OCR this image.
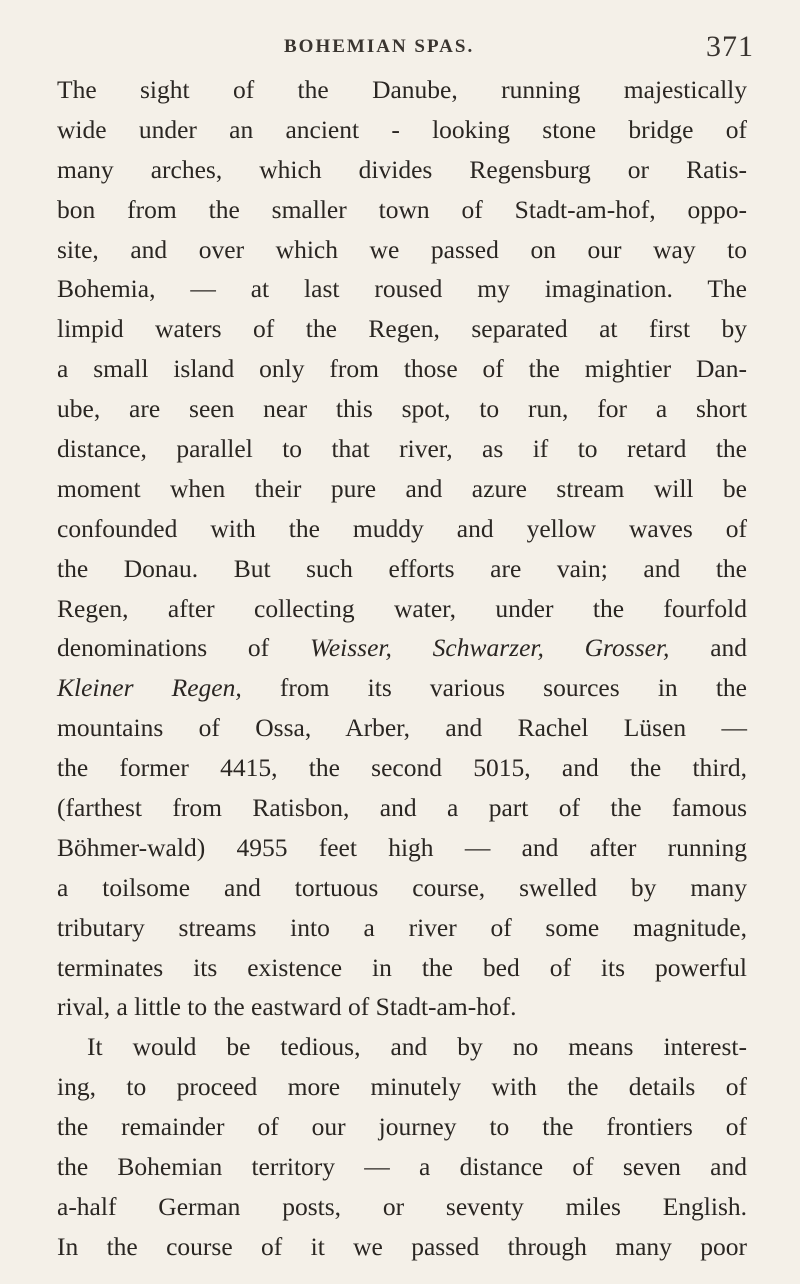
BOHEMIAN SPAS.	371
The sight of the Danube, running majestically
wide under an ancient - looking stone bridge of
many arches, which divides Regensburg or Ratis-
bon from the smaller town of Stadt-am-hof, oppo-
site, and over which we passed on our way to
Bohemia, — at last roused my imagination. The
limpid waters of the Regen, separated at first by
a small island only from those of the mightier Dan-
ube, are seen near this spot, to run, for a short
distance, parallel to that river, as if to retard the
moment when their pure and azure stream will be
confounded with the muddy and yellow waves of
the Donau. But such efforts are vain; and the
Regen, after collecting water, under the fourfold
denominations of Weisser, Schwarzer, Grosser, and
Kleiner Regen, from its various sources in the
mountains of Ossa, Arber, and Rachel Lüsen —
the former 4415, the second 5015, and the third,
(farthest from Ratisbon, and a part of the famous
Böhmer-wald) 4955 feet high — and after running
a toilsome and tortuous course, swelled by many
tributary streams into a river of some magnitude,
terminates its existence in the bed of its powerful
rival, a little to the eastward of Stadt-am-hof.
It would be tedious, and by no means interest-
ing, to proceed more minutely with the details of
the remainder of our journey to the frontiers of
the Bohemian territory — a distance of seven and
a-half German posts, or seventy miles English.
In the course of it we passed through many poor
